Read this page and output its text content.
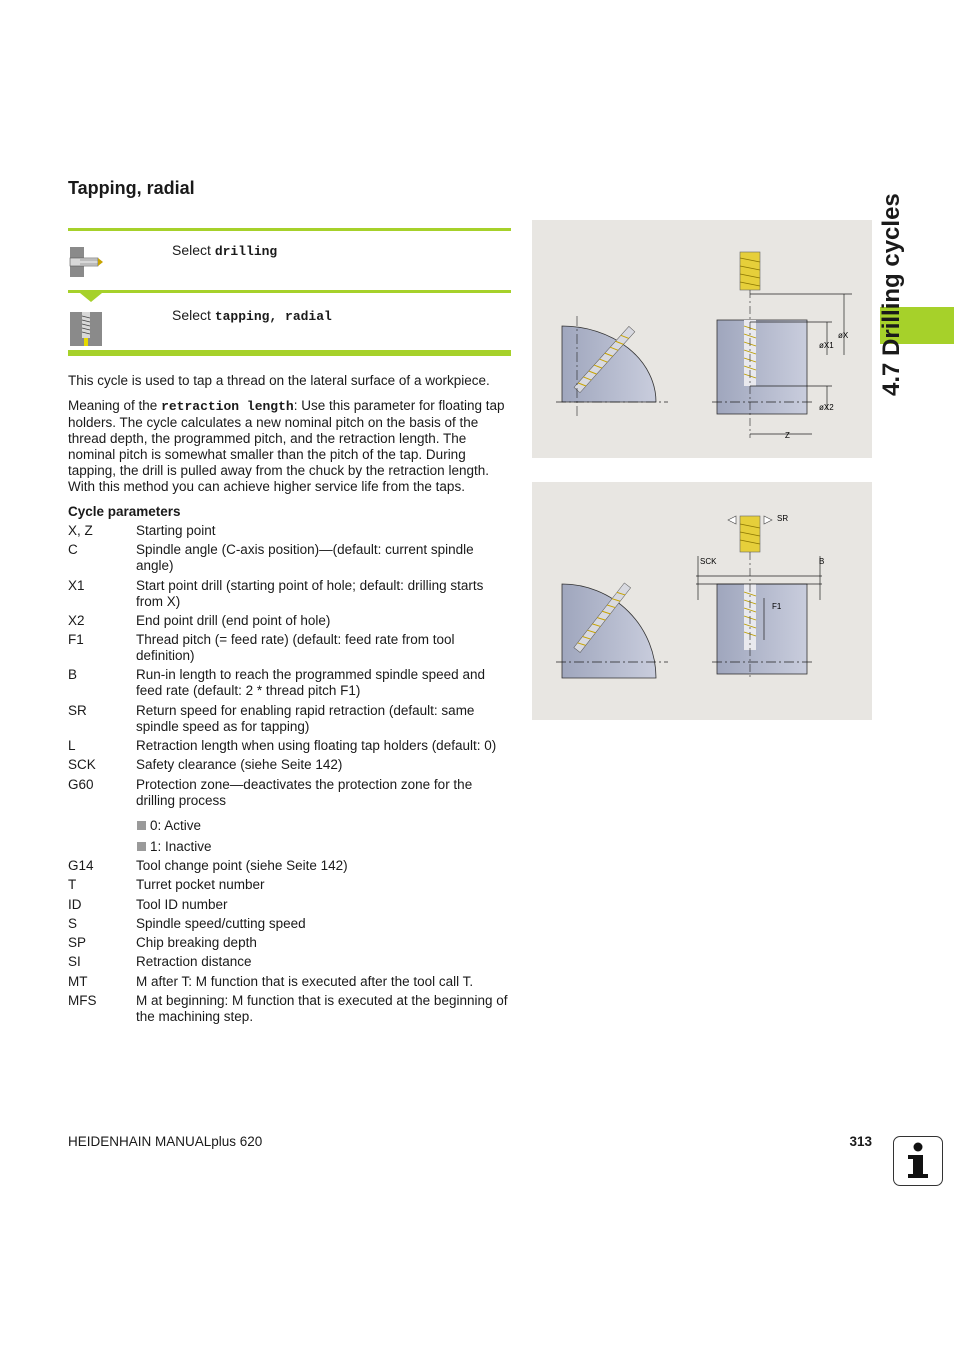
4.7 Drilling cycles
Tapping, radial
Select drilling
Select tapping, radial

This cycle is used to tap a thread on the lateral surface of a workpiece.

Meaning of the retraction length: Use this parameter for floating tap holders. The cycle calculates a new nominal pitch on the basis of the thread depth, the programmed pitch, and the retraction length. The nominal pitch is somewhat smaller than the pitch of the tap. During tapping, the drill is pulled away from the chuck by the retraction length. With this method you can achieve higher service life from the taps.

Cycle parameters
X, Z	Starting point
C	Spindle angle (C-axis position)—(default: current spindle angle)
X1	Start point drill (starting point of hole; default: drilling starts from X)
X2	End point drill (end point of hole)
F1	Thread pitch (= feed rate) (default: feed rate from tool definition)
B	Run-in length to reach the programmed spindle speed and feed rate (default: 2 * thread pitch F1)
SR	Return speed for enabling rapid retraction (default: same spindle speed as for tapping)
L	Retraction length when using floating tap holders (default: 0)
SCK	Safety clearance (siehe Seite 142)
G60	Protection zone—deactivates the protection zone for the drilling process
0: Active
1: Inactive
G14	Tool change point (siehe Seite 142)
T	Turret pocket number
ID	Tool ID number
S	Spindle speed/cutting speed
SP	Chip breaking depth
SI	Retraction distance
MT	M after T: M function that is executed after the tool call T.
MFS	M at beginning: M function that is executed at the beginning of the machining step.
øX
øX1
øX2
Z
SR
SCK	B
F1
HEIDENHAIN MANUALplus 620	313
